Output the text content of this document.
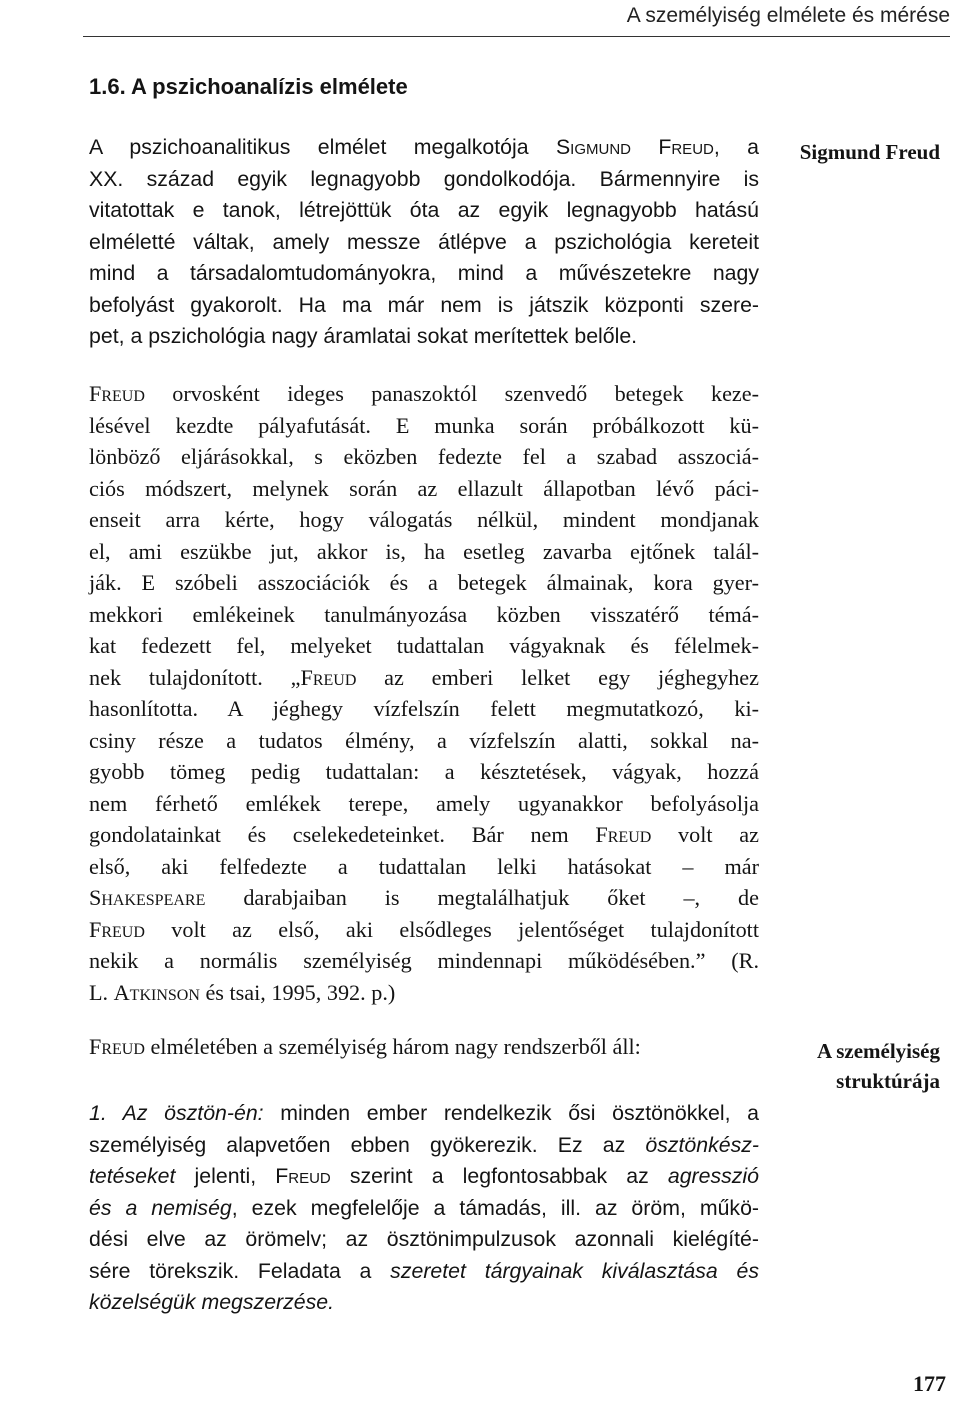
A személyiség elmélete és mérése
1.6. A pszichoanalízis elmélete
Sigmund Freud
A pszichoanalitikus elmélet megalkotója Sigmund Freud, a
XX. század egyik legnagyobb gondolkodója. Bármennyire is
vitatottak e tanok, létrejöttük óta az egyik legnagyobb hatású
elméletté váltak, amely messze átlépve a pszichológia kereteit
mind a társadalomtudományokra, mind a művészetekre nagy
befolyást gyakorolt. Ha ma már nem is játszik központi szere-
pet, a pszichológia nagy áramlatai sokat merítettek belőle.
Freud orvosként ideges panaszoktól szenvedő betegek keze-
lésével kezdte pályafutását. E munka során próbálkozott kü-
lönböző eljárásokkal, s eközben fedezte fel a szabad asszociá-
ciós módszert, melynek során az ellazult állapotban lévő páci-
enseit arra kérte, hogy válogatás nélkül, mindent mondjanak
el, ami eszükbe jut, akkor is, ha esetleg zavarba ejtőnek talál-
ják. E szóbeli asszociációk és a betegek álmainak, kora gyer-
mekkori emlékeinek tanulmányozása közben visszatérő témá-
kat fedezett fel, melyeket tudattalan vágyaknak és félelmek-
nek tulajdonított. „Freud az emberi lelket egy jéghegyhez
hasonlította. A jéghegy vízfelszín felett megmutatkozó, ki-
csiny része a tudatos élmény, a vízfelszín alatti, sokkal na-
gyobb tömeg pedig tudattalan: a késztetések, vágyak, hozzá
nem férhető emlékek terepe, amely ugyanakkor befolyásolja
gondolatainkat és cselekedeteinket. Bár nem Freud volt az
első, aki felfedezte a tudattalan lelki hatásokat – már
Shakespeare darabjaiban is megtalálhatjuk őket –, de
Freud volt az első, aki elsődleges jelentőséget tulajdonított
nekik a normális személyiség mindennapi működésében.” (R.
L. Atkinson és tsai, 1995, 392. p.)
A személyiség
struktúrája
Freud elméletében a személyiség három nagy rendszerből áll:
1. Az ösztön-én: minden ember rendelkezik ősi ösztönökkel, a
személyiség alapvetően ebben gyökerezik. Ez az ösztönkész-
tetéseket jelenti, Freud szerint a legfontosabbak az agresszió
és a nemiség, ezek megfelelője a támadás, ill. az öröm, műkö-
dési elve az örömelv; az ösztönimpulzusok azonnali kielégíté-
sére törekszik. Feladata a szeretet tárgyainak kiválasztása és
közelségük megszerzése.
177
